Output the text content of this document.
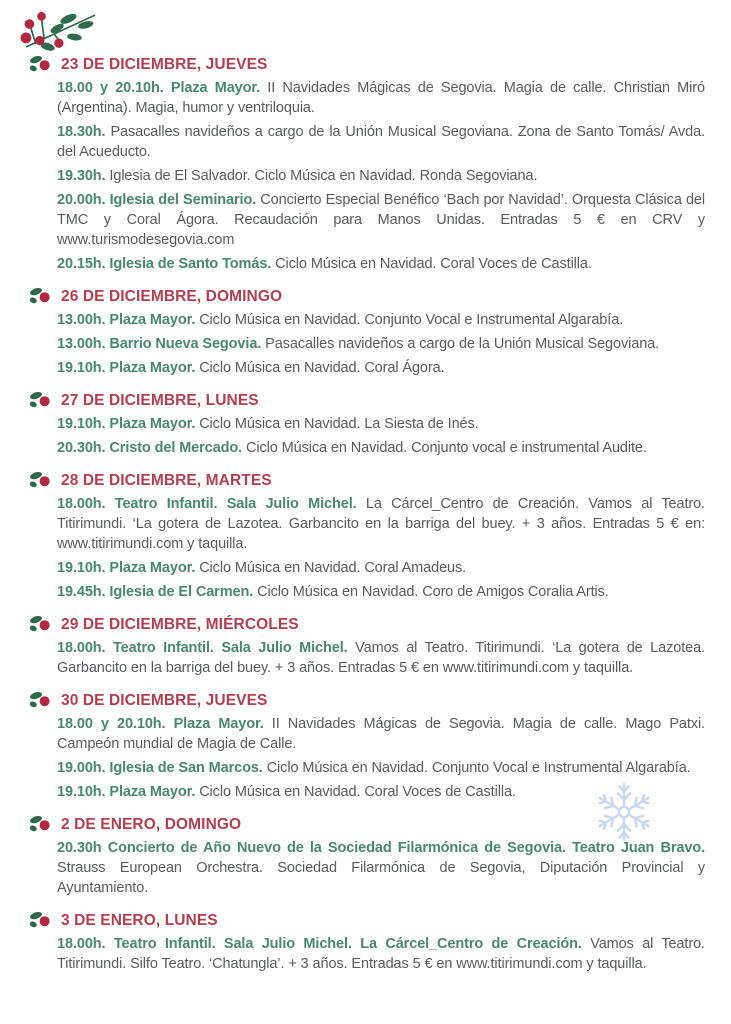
23 DE DICIEMBRE, JUEVES

18.00 y 20.10h. Plaza Mayor. II Navidades Mágicas de Segovia. Magia de calle. Christian Miró (Argentina). Magia, humor y ventriloquia.

18.30h. Pasacalles navideños a cargo de la Unión Musical Segoviana. Zona de Santo Tomás/ Avda. del Acueducto.

19.30h. Iglesia de El Salvador. Ciclo Música en Navidad. Ronda Segoviana.

20.00h. Iglesia del Seminario. Concierto Especial Benéfico ‘Bach por Navidad’. Orquesta Clásica del TMC y Coral Ágora. Recaudación para Manos Unidas. Entradas 5 € en CRV y www.turismodesegovia.com

20.15h. Iglesia de Santo Tomás. Ciclo Música en Navidad. Coral Voces de Castilla.

26 DE DICIEMBRE, DOMINGO

13.00h. Plaza Mayor. Ciclo Música en Navidad. Conjunto Vocal e Instrumental Algarabía.

13.00h. Barrio Nueva Segovia. Pasacalles navideños a cargo de la Unión Musical Segoviana.

19.10h. Plaza Mayor. Ciclo Música en Navidad. Coral Ágora.

27 DE DICIEMBRE, LUNES

19.10h. Plaza Mayor. Ciclo Música en Navidad. La Siesta de Inés.

20.30h. Cristo del Mercado. Ciclo Música en Navidad. Conjunto vocal e instrumental Audite.

28 DE DICIEMBRE, MARTES

18.00h. Teatro Infantil. Sala Julio Michel. La Cárcel_Centro de Creación. Vamos al Teatro. Titirimundi. ‘La gotera de Lazotea. Garbancito en la barriga del buey. + 3 años. Entradas 5 € en: www.titirimundi.com y taquilla.

19.10h. Plaza Mayor. Ciclo Música en Navidad. Coral Amadeus.

19.45h. Iglesia de El Carmen. Ciclo Música en Navidad. Coro de Amigos Coralia Artis.

29 DE DICIEMBRE, MIÉRCOLES

18.00h. Teatro Infantil. Sala Julio Michel. Vamos al Teatro. Titirimundi. ‘La gotera de Lazotea. Garbancito en la barriga del buey. + 3 años. Entradas 5 € en www.titirimundi.com y taquilla.

30 DE DICIEMBRE, JUEVES

18.00 y 20.10h. Plaza Mayor. II Navidades Mágicas de Segovia. Magia de calle. Mago Patxi. Campeón mundial de Magia de Calle.

19.00h. Iglesia de San Marcos. Ciclo Música en Navidad. Conjunto Vocal e Instrumental Algarabía.

19.10h. Plaza Mayor. Ciclo Música en Navidad. Coral Voces de Castilla.

2 DE ENERO, DOMINGO

20.30h Concierto de Año Nuevo de la Sociedad Filarmónica de Segovia. Teatro Juan Bravo. Strauss European Orchestra. Sociedad Filarmónica de Segovia, Diputación Provincial y Ayuntamiento.

3 DE ENERO, LUNES

18.00h. Teatro Infantil. Sala Julio Michel. La Cárcel_Centro de Creación. Vamos al Teatro. Titirimundi. Silfo Teatro. ‘Chatungla’. + 3 años. Entradas 5 € en www.titirimundi.com y taquilla.
